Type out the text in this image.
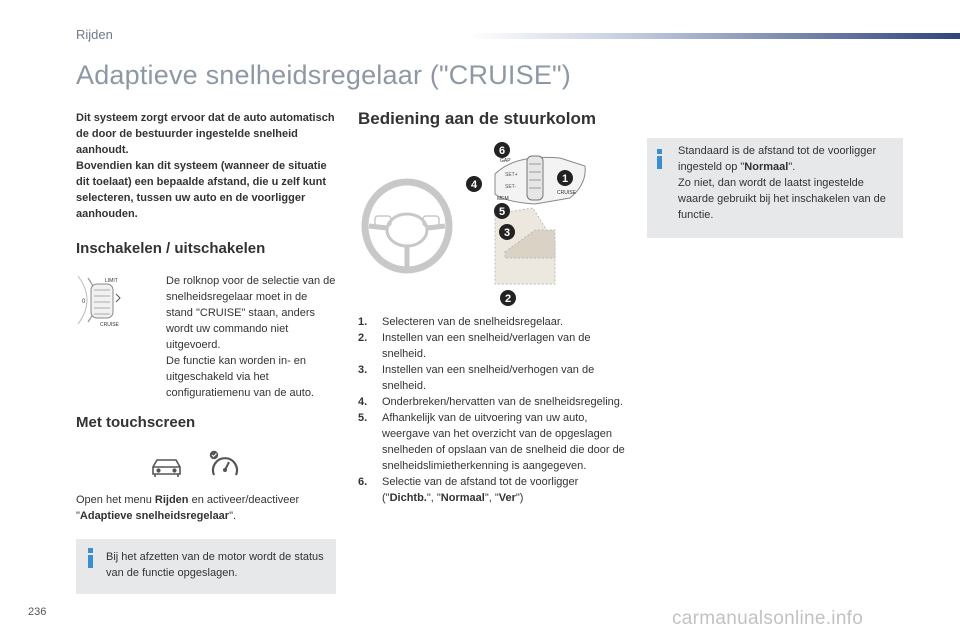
Rijden
Adaptieve snelheidsregelaar ("CRUISE")

Dit systeem zorgt ervoor dat de auto automatisch de door de bestuurder ingestelde snelheid aanhoudt.

Bovendien kan dit systeem (wanneer de situatie dit toelaat) een bepaalde afstand, die u zelf kunt selecteren, tussen uw auto en de voorligger aanhouden.

Inschakelen / uitschakelen
LIMIT
0
CRUISE

De rolknop voor de selectie van de snelheidsregelaar moet in de stand "CRUISE" staan, anders wordt uw commando niet uitgevoerd.

De functie kan worden in- en uitgeschakeld via het configuratiemenu van de auto.

Met touchscreen
Open het menu Rijden en activeer/deactiveer "Adaptieve snelheidsregelaar".
Bij het afzetten van de motor wordt de status van de functie opgeslagen.
Bediening aan de stuurkolom
GAP
SET+
SET-
MEM
CRUISE
1
2
3
4
5
6
1.	Selecteren van de snelheidsregelaar.
2.	Instellen van een snelheid/verlagen van de snelheid.
3.	Instellen van een snelheid/verhogen van de snelheid.
4.	Onderbreken/hervatten van de snelheidsregeling.
5.	Afhankelijk van de uitvoering van uw auto, weergave van het overzicht van de opgeslagen snelheden of opslaan van de snelheid die door de snelheidslimietherkenning is aangegeven.
6.	Selectie van de afstand tot de voorligger ("Dichtb.", "Normaal", "Ver")
Standaard is de afstand tot de voorligger ingesteld op "Normaal".
Zo niet, dan wordt de laatst ingestelde waarde gebruikt bij het inschakelen van de functie.
236	carmanualsonline.info
